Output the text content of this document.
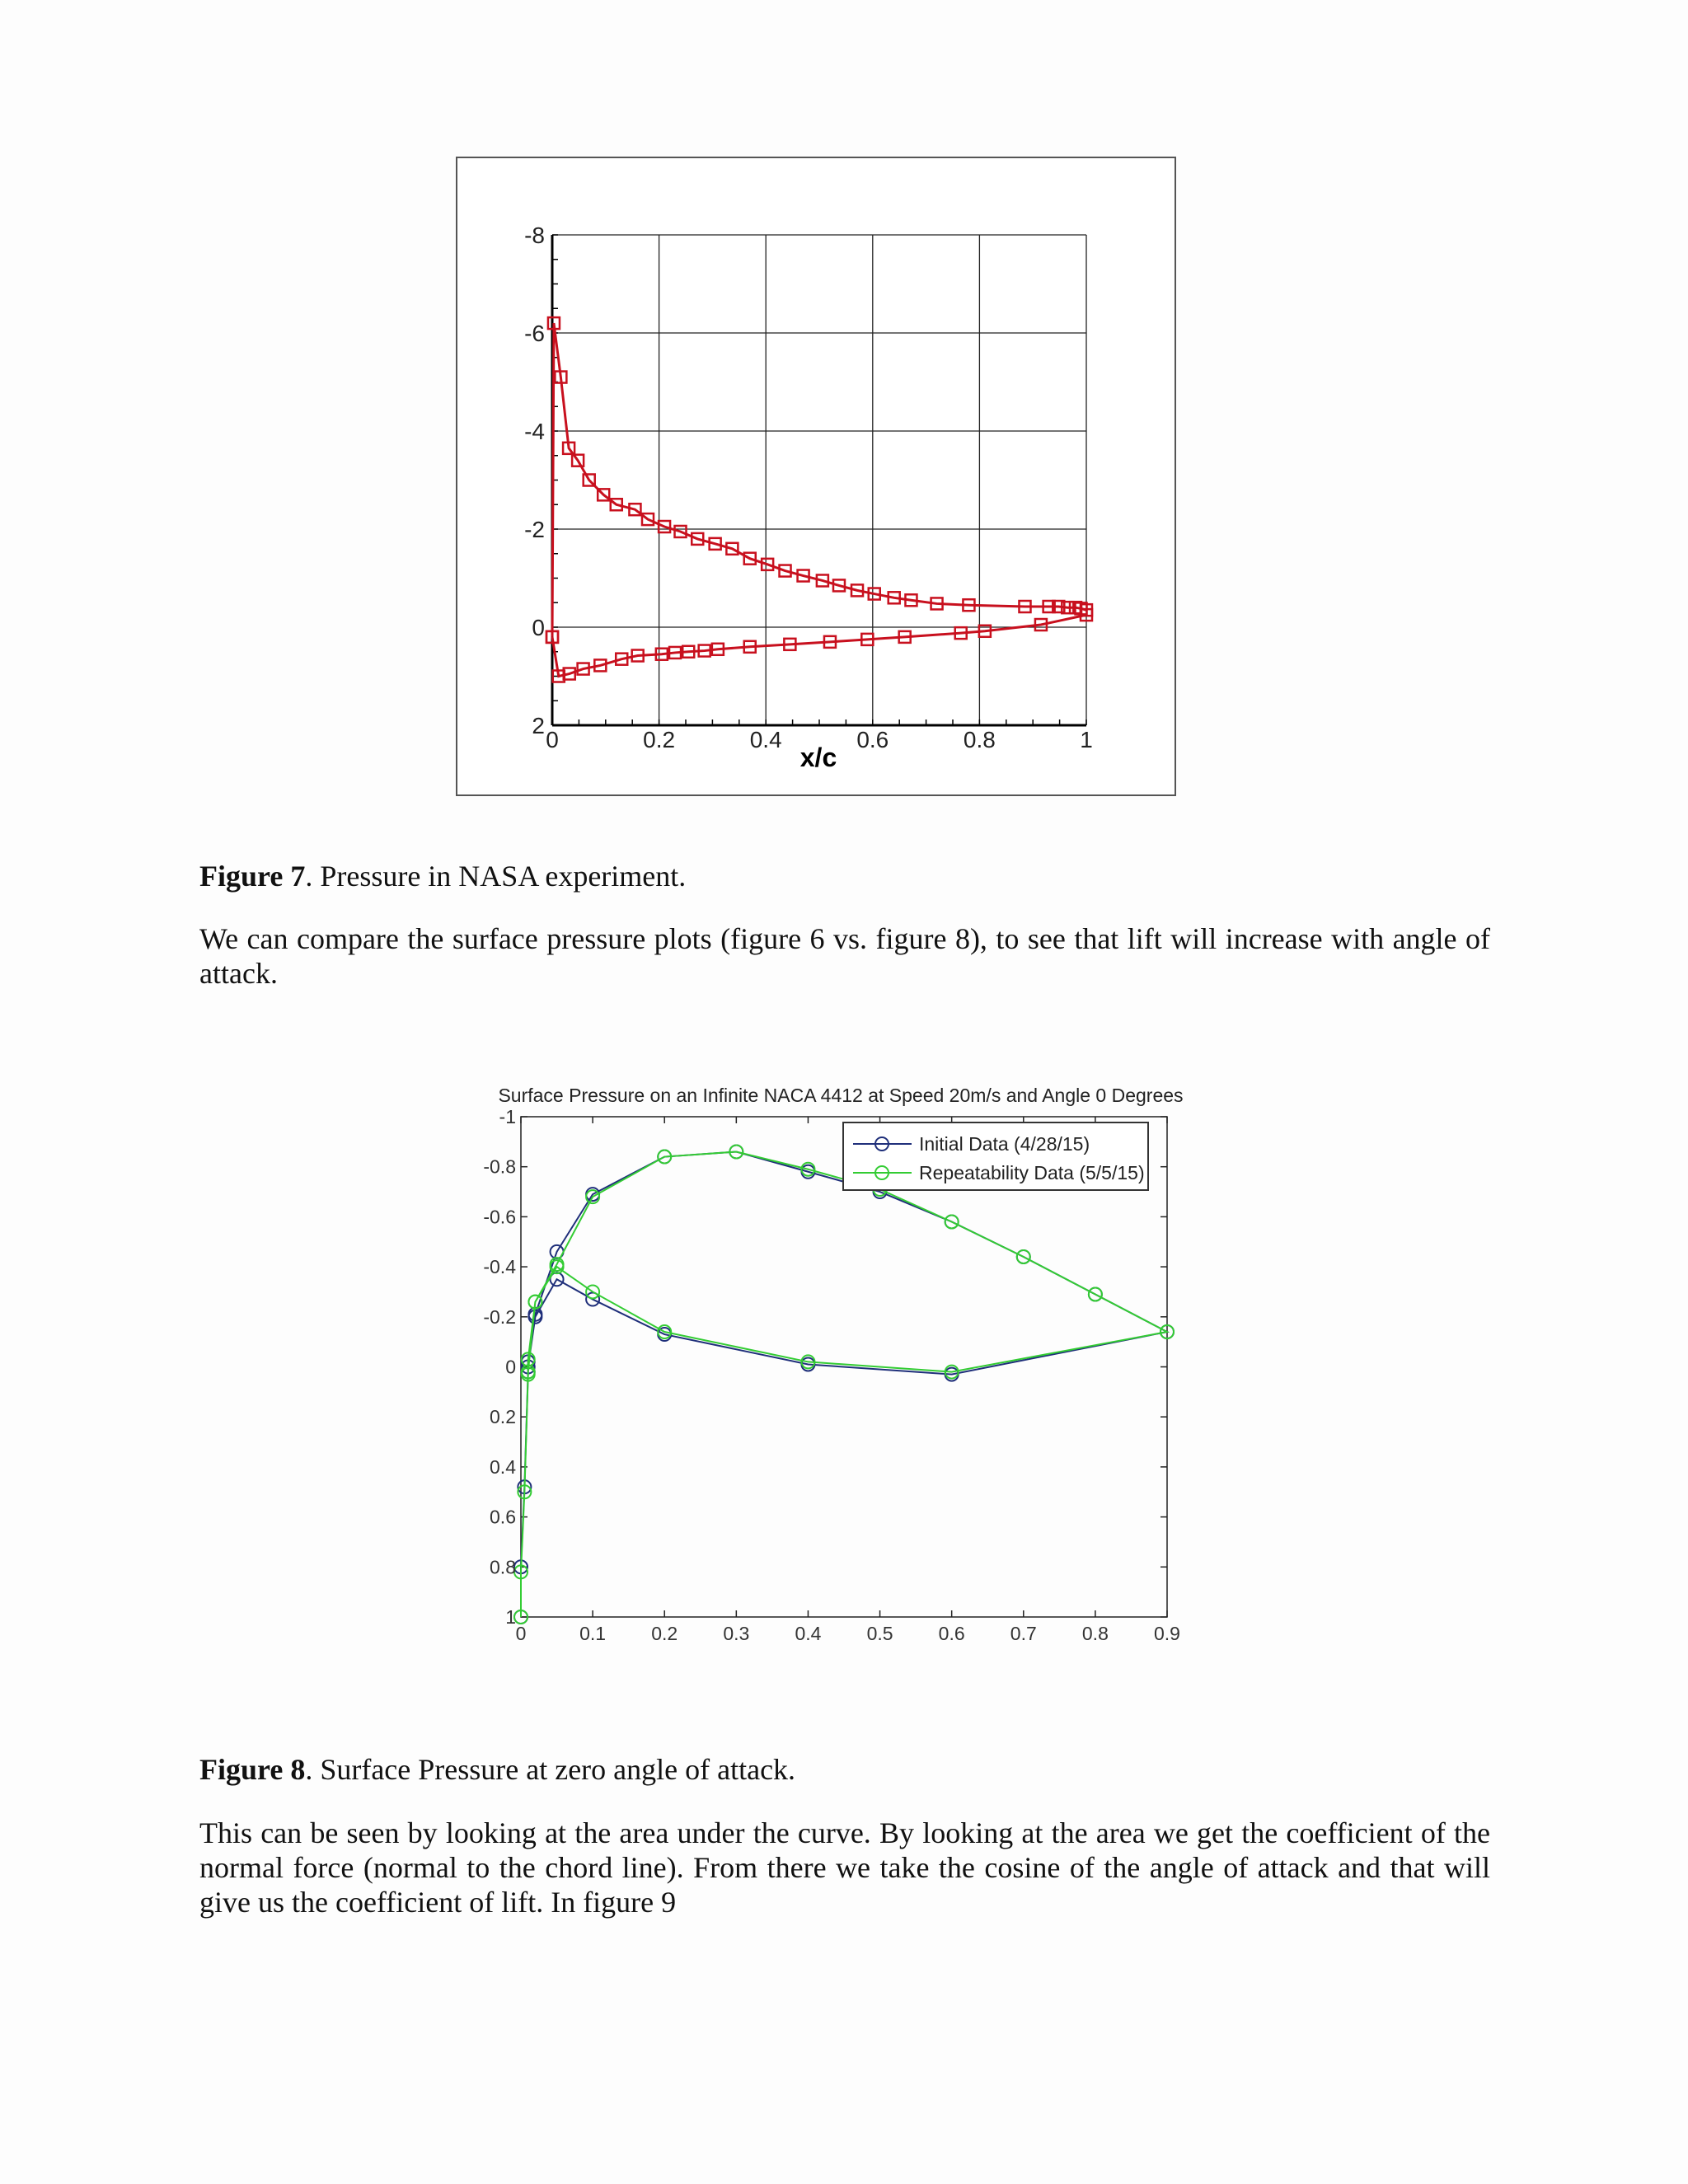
0	0.2	0.4	0.6	0.8	1
-8
-6
-4
-2
0
2
x/c
Figure 7. Pressure in NASA experiment.
We can compare the surface pressure plots (figure 6 vs. figure 8), to see that lift will increase with angle of attack.
Surface Pressure on an Infinite NACA 4412 at Speed 20m/s and Angle 0 Degrees
0	0.1 0.2 0.3 0.4 0.5 0.6 0.7 0.8 0.9
-1
-0.8
-0.6
-0.4
-0.2
0
0.2
0.4
0.6
0.8
1
Initial Data (4/28/15)
Repeatability Data (5/5/15)
Figure 8. Surface Pressure at zero angle of attack.
This can be seen by looking at the area under the curve. By looking at the area we get the coefficient of the normal force (normal to the chord line). From there we take the cosine of the angle of attack and that will give us the coefficient of lift. In figure 9
